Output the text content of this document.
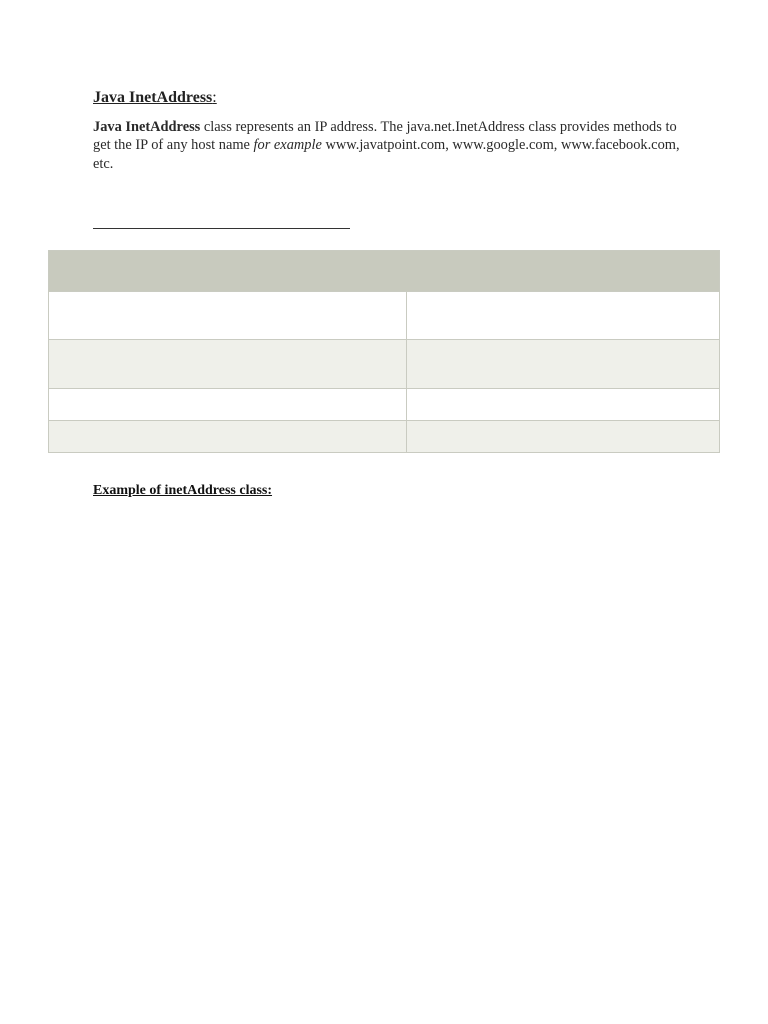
Java InetAddress:

Java InetAddress class represents an IP address. The java.net.InetAddress class provides methods to get the IP of any host name for example www.javatpoint.com, www.google.com, www.facebook.com, etc.

Example of inetAddress class:
